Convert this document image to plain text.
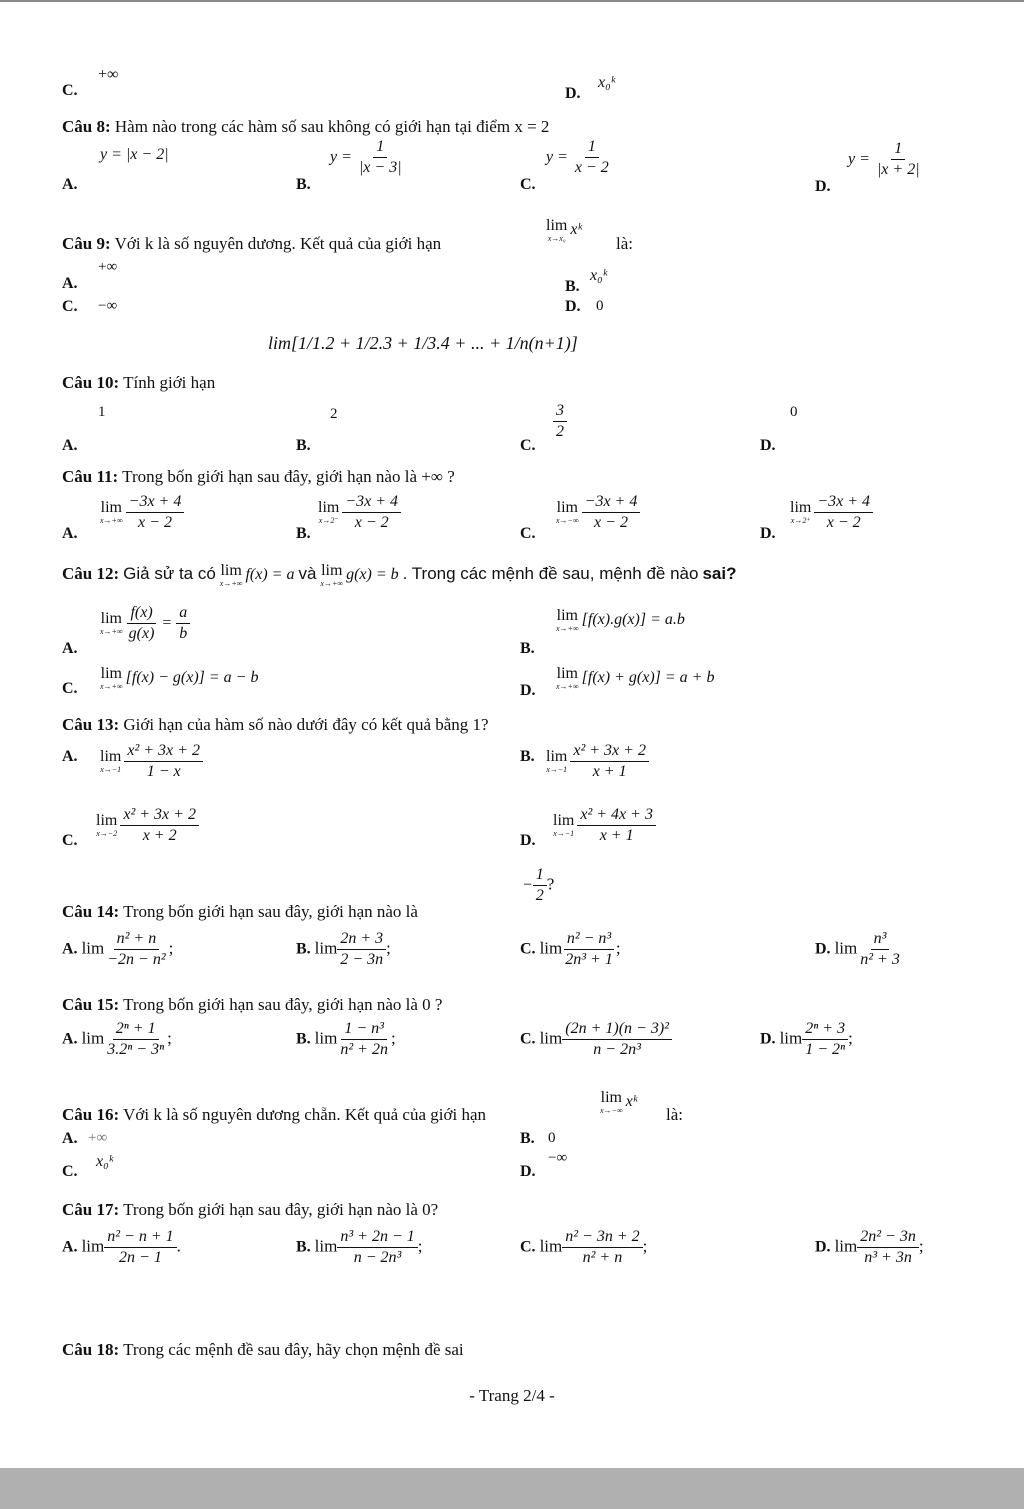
C.
+∞
D.
x₀ᵏ
Câu 8: Hàm nào trong các hàm số sau không có giới hạn tại điểm x = 2
A.
y = |x − 2|
B.
$y = \frac{1}{|x - 3|}$
C.
$y = \frac{1}{x - 2}$
D.
$y = \frac{1}{|x + 2|}$
Câu 9: Với k là số nguyên dương. Kết quả của giới hạn
lim
x→x₀
xᵏ
là:
A.
+∞
B.
x₀ᵏ
C. −∞	D. 0
Câu 10: Tính giới hạn
lim[1/1.2 + 1/2.3 + 1/3.4 + ... + 1/n(n+1)]
1
A.
2
B.	C.
$\frac{3}{2}$	0
D.
Câu 11: Trong bốn giới hạn sau đây, giới hạn nào là +∞ ?
A.
lim
$x\to+\infty \frac{-3x + 4}{x - 2}$
B.
lim
$x\to 2^- \frac{-3x + 4}{x - 2}$
C.
lim
$x\to-\infty \frac{-3x + 4}{x - 2}$
D.
lim
$x\to 2^+ \frac{-3x + 4}{x - 2}$
Câu 12: Giả sử ta có lim
x→+∞
f(x) = a và lim
x→+∞
g(x) = b . Trong các mệnh đề sau, mệnh đề nào sai?
A.
lim
$x\to+\infty \frac{f(x)}{g(x)} = \frac{a}{b}$
B.
lim
x→+∞
[f(x).g(x)] = a.b
C.
lim
x→+∞
[f(x) − g(x)] = a − b
D.
lim
x→+∞
[f(x) + g(x)] = a + b
Câu 13: Giới hạn của hàm số nào dưới đây có kết quả bằng 1?
A. lim
$x\to-1 \frac{\text{x² + 3x + 2}}{1 - x}$	B. lim
$x\to-1 \frac{\text{x² + 3x + 2}}{x + 1}$
C.
lim
$x\to-2 \frac{\text{x² + 3x + 2}}{x + 2}$	D.
lim
$x\to-1 \frac{\text{x² + 4x + 3}}{x + 1}$
Câu 14: Trong bốn giới hạn sau đây, giới hạn nào là
− $\frac{1}{2}$ ?
A. $\lim \frac{\text{n² + n}}{\text{−2n − n²}}$ ;	B. $\lim \frac{2n + 3}{2 - 3n}$ ;	C. $\lim \frac{\text{n² − n³}}{\text{2n³ + 1}}$ ;	D. $\lim \frac{\text{n³}}{\text{n² + 3}}$
Câu 15: Trong bốn giới hạn sau đây, giới hạn nào là 0 ?
A. $\lim \frac{\text{2ⁿ + 1}}{\text{3.2ⁿ − 3ⁿ}}$ ;	B. $\lim \frac{\text{1 − n³}}{\text{n² + 2n}}$ ;	C. $\lim \frac{\text{(2n + 1)(n − 3)²}}{\text{n − 2n³}}$	D. $\lim \frac{\text{2ⁿ + 3}}{\text{1 − 2ⁿ}}$ ;
Câu 16: Với k là số nguyên dương chẵn. Kết quả của giới hạn
lim
x→−∞
xᵏ
là:
A. +∞	B. 0
C.
x₀ᵏ
D.
−∞
Câu 17: Trong bốn giới hạn sau đây, giới hạn nào là 0?
A. $\lim \frac{\text{n² − n + 1}}{2n - 1}$ .	B. $\lim \frac{\text{n³ + 2n − 1}}{\text{n − 2n³}}$ ;	C. $\lim \frac{\text{n² − 3n + 2}}{\text{n² + n}}$ ;	D. $\lim \frac{\text{2n² − 3n}}{\text{n³ + 3n}}$ ;
Câu 18: Trong các mệnh đề sau đây, hãy chọn mệnh đề sai
- Trang 2/4 -
